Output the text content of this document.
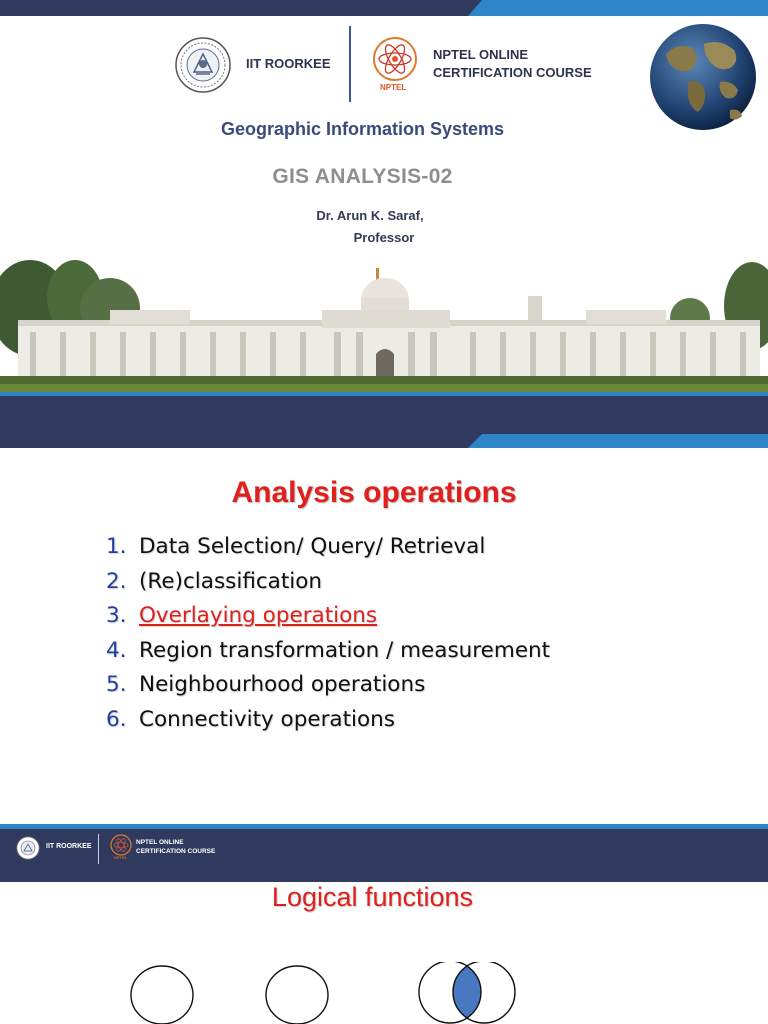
IIT ROORKEE
NPTEL
NPTEL ONLINE
CERTIFICATION COURSE
Geographic Information Systems
GIS ANALYSIS-02
Dr. Arun K. Saraf,
Professor
Analysis operations
1. Data Selection/ Query/ Retrieval
2. (Re)classification
3. Overlaying operations
4. Region transformation / measurement
5. Neighbourhood operations
6. Connectivity operations
IIT ROORKEE
NPTEL
NPTEL ONLINE
CERTIFICATION COURSE
Logical functions
